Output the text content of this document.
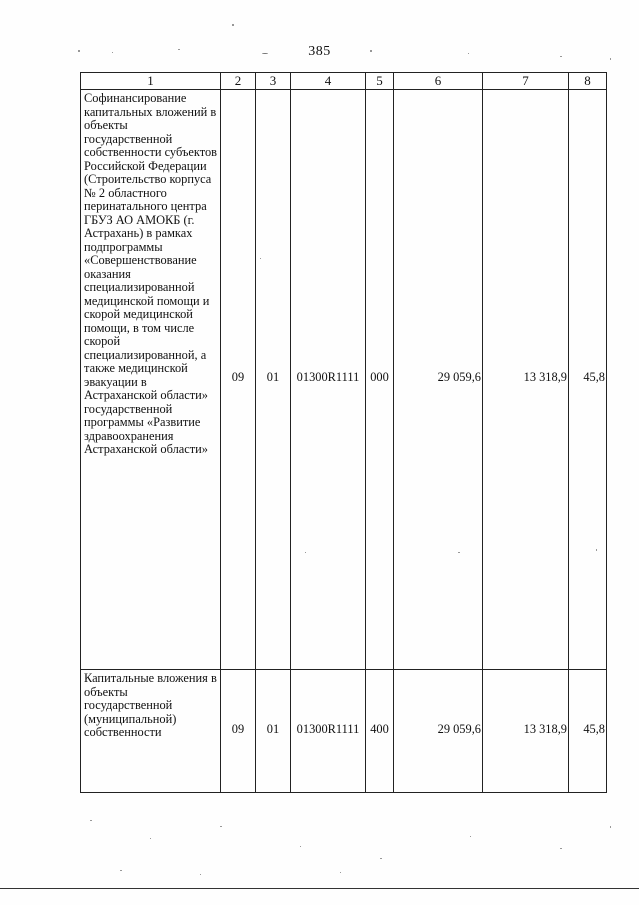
385
1	2	3	4	5	6	7	8
Софинансирование капитальных вложений в объекты государственной собственности субъектов Российской Федерации (Строительство корпуса № 2 областного перинатального центра ГБУЗ АО АМОКБ (г. Астрахань) в рамках подпрограммы «Совершенствование оказания специализированной медицинской помощи и скорой медицинской помощи, в том числе скорой специализированной, а также медицинской эвакуации в Астраханской области» государственной программы «Развитие здравоохранения Астраханской области»	09	01	01300R1111	000	29 059,6	13 318,9	45,8
Капитальные вложения в объекты государственной (муниципальной) собственности	09	01	01300R1111	400	29 059,6	13 318,9	45,8
